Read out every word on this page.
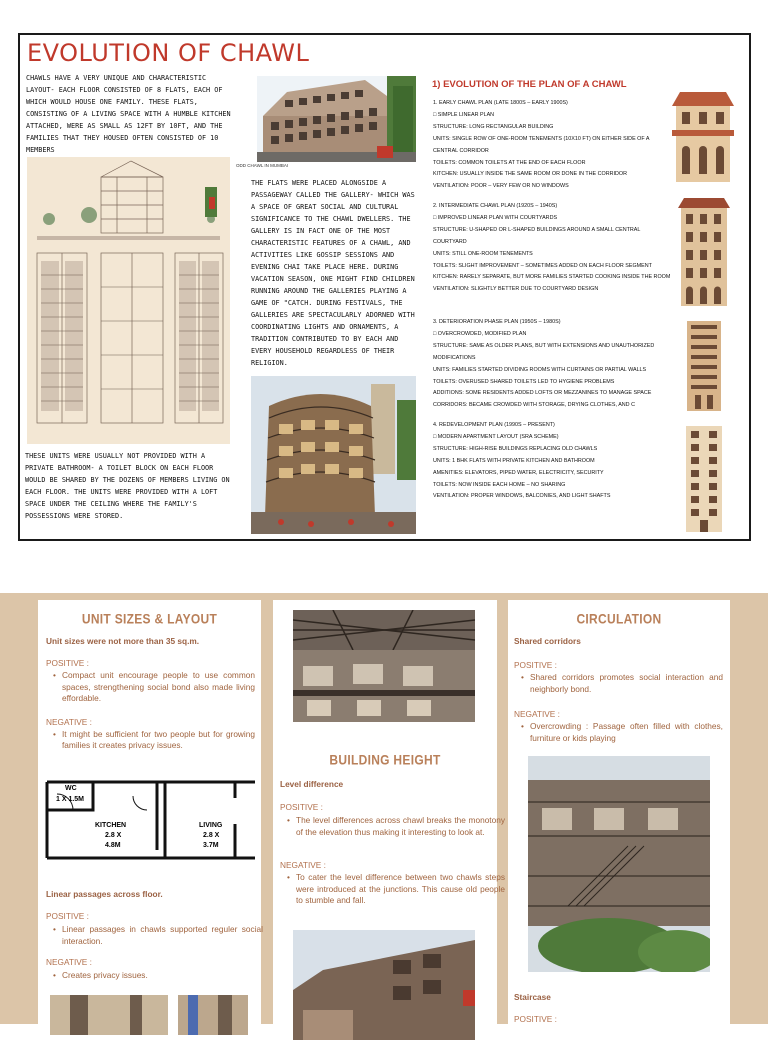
EVOLUTION OF CHAWL

CHAWLS HAVE A VERY UNIQUE AND CHARACTERISTIC LAYOUT- EACH FLOOR CONSISTED OF 8 FLATS, EACH OF WHICH WOULD HOUSE ONE FAMILY. THESE FLATS, CONSISTING OF A LIVING SPACE WITH A HUMBLE KITCHEN ATTACHED, WERE AS SMALL AS 12FT BY 10FT, AND THE FAMILIES THAT THEY HOUSED OFTEN CONSISTED OF 10 MEMBERS

ODD CHAWL IN MUMBAI

THE FLATS WERE PLACED ALONGSIDE A PASSAGEWAY CALLED THE GALLERY- WHICH WAS A SPACE OF GREAT SOCIAL AND CULTURAL SIGNIFICANCE TO THE CHAWL DWELLERS. THE GALLERY IS IN FACT ONE OF THE MOST CHARACTERISTIC FEATURES OF A CHAWL, AND ACTIVITIES LIKE GOSSIP SESSIONS AND EVENING CHAI TAKE PLACE HERE. DURING VACATION SEASON, ONE MIGHT FIND CHILDREN RUNNING AROUND THE GALLERIES PLAYING A GAME OF "CATCH. DURING FESTIVALS, THE GALLERIES ARE SPECTACULARLY ADORNED WITH COORDINATING LIGHTS AND ORNAMENTS, A TRADITION CONTRIBUTED TO BY EACH AND EVERY HOUSEHOLD REGARDLESS OF THEIR RELIGION.

THESE UNITS WERE USUALLY NOT PROVIDED WITH A PRIVATE BATHROOM- A TOILET BLOCK ON EACH FLOOR WOULD BE SHARED BY THE DOZENS OF MEMBERS LIVING ON EACH FLOOR. THE UNITS WERE PROVIDED WITH A LOFT SPACE UNDER THE CEILING WHERE THE FAMILY'S POSSESSIONS WERE STORED.

1) EVOLUTION OF THE PLAN OF A CHAWL

1. EARLY CHAWL PLAN (LATE 1800S – EARLY 1900S)

□ SIMPLE LINEAR PLAN

STRUCTURE: LONG RECTANGULAR BUILDING

UNITS: SINGLE ROW OF ONE-ROOM TENEMENTS (10X10 FT) ON EITHER SIDE OF A CENTRAL CORRIDOR

TOILETS: COMMON TOILETS AT THE END OF EACH FLOOR

KITCHEN: USUALLY INSIDE THE SAME ROOM OR DONE IN THE CORRIDOR

VENTILATION: POOR – VERY FEW OR NO WINDOWS

2. INTERMEDIATE CHAWL PLAN (1920S – 1940S)

□ IMPROVED LINEAR PLAN WITH COURTYARDS

STRUCTURE: U-SHAPED OR L-SHAPED BUILDINGS AROUND A SMALL CENTRAL COURTYARD

UNITS: STILL ONE-ROOM TENEMENTS

TOILETS: SLIGHT IMPROVEMENT – SOMETIMES ADDED ON EACH FLOOR SEGMENT

KITCHEN: RARELY SEPARATE, BUT MORE FAMILIES STARTED COOKING INSIDE THE ROOM

VENTILATION: SLIGHTLY BETTER DUE TO COURTYARD DESIGN

3. DETERIORATION PHASE PLAN (1950S – 1980S)

□ OVERCROWDED, MODIFIED PLAN

STRUCTURE: SAME AS OLDER PLANS, BUT WITH EXTENSIONS AND UNAUTHORIZED MODIFICATIONS

UNITS: FAMILIES STARTED DIVIDING ROOMS WITH CURTAINS OR PARTIAL WALLS

TOILETS: OVERUSED SHARED TOILETS LED TO HYGIENE PROBLEMS

ADDITIONS: SOME RESIDENTS ADDED LOFTS OR MEZZANINES TO MANAGE SPACE

CORRIDORS: BECAME CROWDED WITH STORAGE, DRYING CLOTHES, AND C

4. REDEVELOPMENT PLAN (1990S – PRESENT)

□ MODERN APARTMENT LAYOUT (SRA SCHEME)

STRUCTURE: HIGH-RISE BUILDINGS REPLACING OLD CHAWLS

UNITS: 1 BHK FLATS WITH PRIVATE KITCHEN AND BATHROOM

AMENITIES: ELEVATORS, PIPED WATER, ELECTRICITY, SECURITY

TOILETS: NOW INSIDE EACH HOME – NO SHARING

VENTILATION: PROPER WINDOWS, BALCONIES, AND LIGHT SHAFTS

UNIT SIZES & LAYOUT

Unit sizes were not more than 35 sq.m.

POSITIVE :

• Compact unit encourage people to use common spaces, strengthening social bond also made living effordable.

NEGATIVE :

• It might be sufficient for two people but for growing families it creates privacy issues.

WC
1 X 1.5M
KITCHEN
2.8 X
4.8M
LIVING
2.8 X
3.7M

Linear passages across floor.

POSITIVE :

• Linear passages in chawls supported reguler social interaction.

NEGATIVE :

• Creates privacy issues.

BUILDING HEIGHT

Level difference

POSITIVE :

• The level differences across chawl breaks the monotony of the elevation thus making it interesting to look at.

NEGATIVE :

• To cater the level difference between two chawls steps were introduced at the junctions. This cause old people to stumble and fall.

CIRCULATION

Shared corridors

POSITIVE :

• Shared corridors promotes social interaction and neighborly bond.

NEGATIVE :

• Overcrowding : Passage often filled with clothes, furniture or kids playing

Staircase

POSITIVE :
